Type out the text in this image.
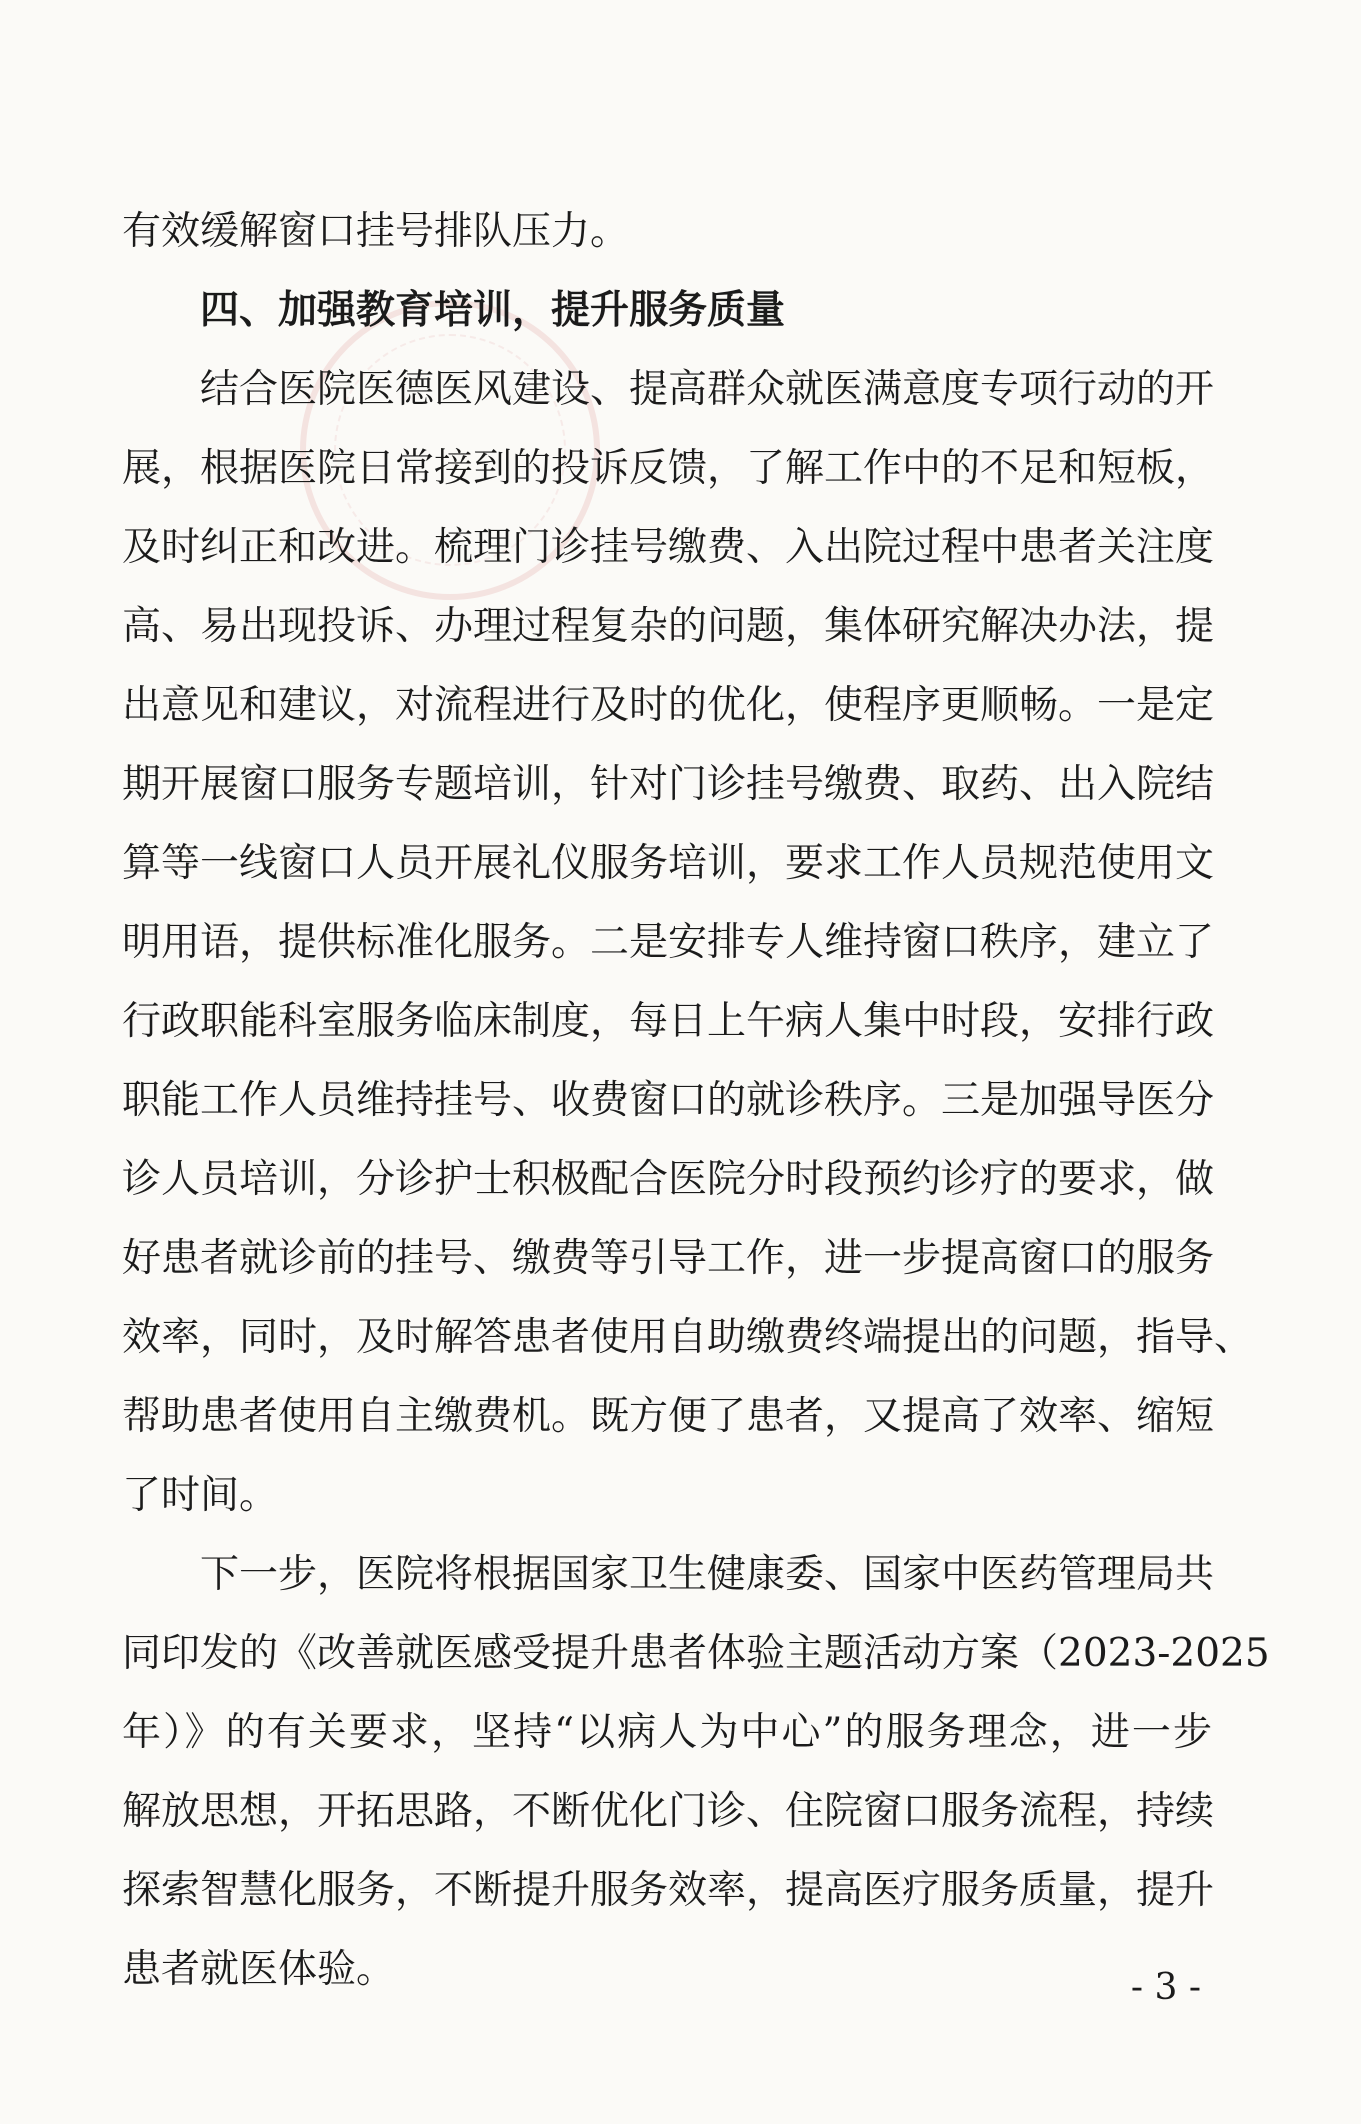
有效缓解窗口挂号排队压力。
四、加强教育培训，提升服务质量
结合医院医德医风建设、提高群众就医满意度专项行动的开
展，根据医院日常接到的投诉反馈，了解工作中的不足和短板，
及时纠正和改进。梳理门诊挂号缴费、入出院过程中患者关注度
高、易出现投诉、办理过程复杂的问题，集体研究解决办法，提
出意见和建议，对流程进行及时的优化，使程序更顺畅。一是定
期开展窗口服务专题培训，针对门诊挂号缴费、取药、出入院结
算等一线窗口人员开展礼仪服务培训，要求工作人员规范使用文
明用语，提供标准化服务。二是安排专人维持窗口秩序，建立了
行政职能科室服务临床制度，每日上午病人集中时段，安排行政
职能工作人员维持挂号、收费窗口的就诊秩序。三是加强导医分
诊人员培训，分诊护士积极配合医院分时段预约诊疗的要求，做
好患者就诊前的挂号、缴费等引导工作，进一步提高窗口的服务
效率，同时，及时解答患者使用自助缴费终端提出的问题，指导、
帮助患者使用自主缴费机。既方便了患者，又提高了效率、缩短
了时间。
下一步，医院将根据国家卫生健康委、国家中医药管理局共
同印发的《改善就医感受提升患者体验主题活动方案（2023-2025
年）》的有关要求，坚持“以病人为中心”的服务理念，进一步
解放思想，开拓思路，不断优化门诊、住院窗口服务流程，持续
探索智慧化服务，不断提升服务效率，提高医疗服务质量，提升
患者就医体验。	- 3 -
